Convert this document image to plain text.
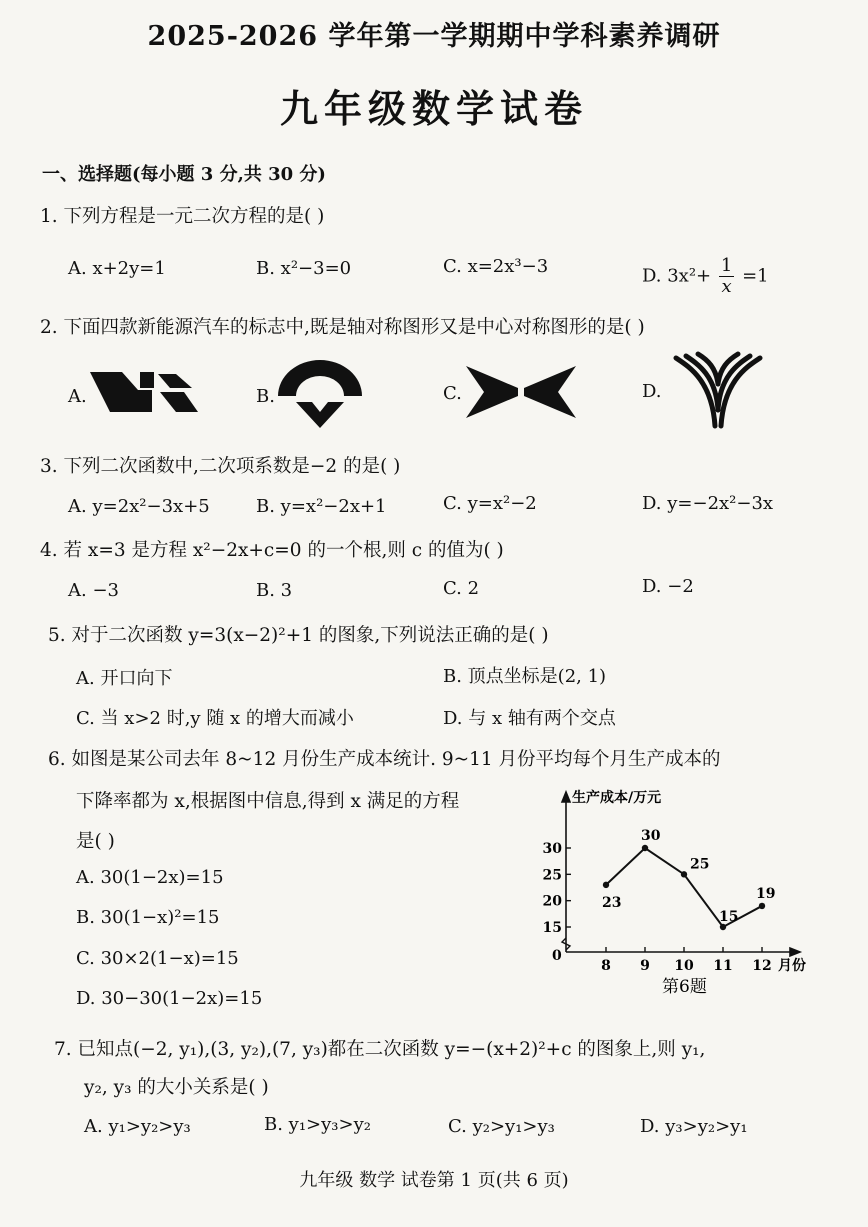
2025-2026 学年第一学期期中学科素养调研
九年级数学试卷
一、选择题(每小题 3 分,共 30 分)
1. 下列方程是一元二次方程的是( )
A. x+2y=1	B. x²−3=0	C. x=2x³−3	D. $3x^2+ \frac{1}{x} =1$
2. 下面四款新能源汽车的标志中,既是轴对称图形又是中心对称图形的是( )
A.	B.	C.	D.
3. 下列二次函数中,二次项系数是−2 的是( )
A. y=2x²−3x+5	B. y=x²−2x+1	C. y=x²−2	D. y=−2x²−3x
4. 若 x=3 是方程 x²−2x+c=0 的一个根,则 c 的值为( )
A. −3	B. 3	C. 2	D. −2
5. 对于二次函数 y=3(x−2)²+1 的图象,下列说法正确的是( )
A. 开口向下	B. 顶点坐标是(2, 1)
C. 当 x>2 时,y 随 x 的增大而减小	D. 与 x 轴有两个交点
6. 如图是某公司去年 8~12 月份生产成本统计. 9~11 月份平均每个月生产成本的
下降率都为 x,根据图中信息,得到 x 满足的方程
是( )
A. 30(1−2x)=15
B. 30(1−x)²=15
C. 30×2(1−x)=15
D. 30−30(1−2x)=15
生产成本/万元
月份
0
第6题
15
20
25
30
8 9 10 11 12
23
30
25
15
19
7. 已知点(−2, y₁),(3, y₂),(7, y₃)都在二次函数 y=−(x+2)²+c 的图象上,则 y₁,
y₂, y₃ 的大小关系是( )
A. y₁>y₂>y₃	B. y₁>y₃>y₂	C. y₂>y₁>y₃	D. y₃>y₂>y₁
九年级 数学 试卷第 1 页(共 6 页)
